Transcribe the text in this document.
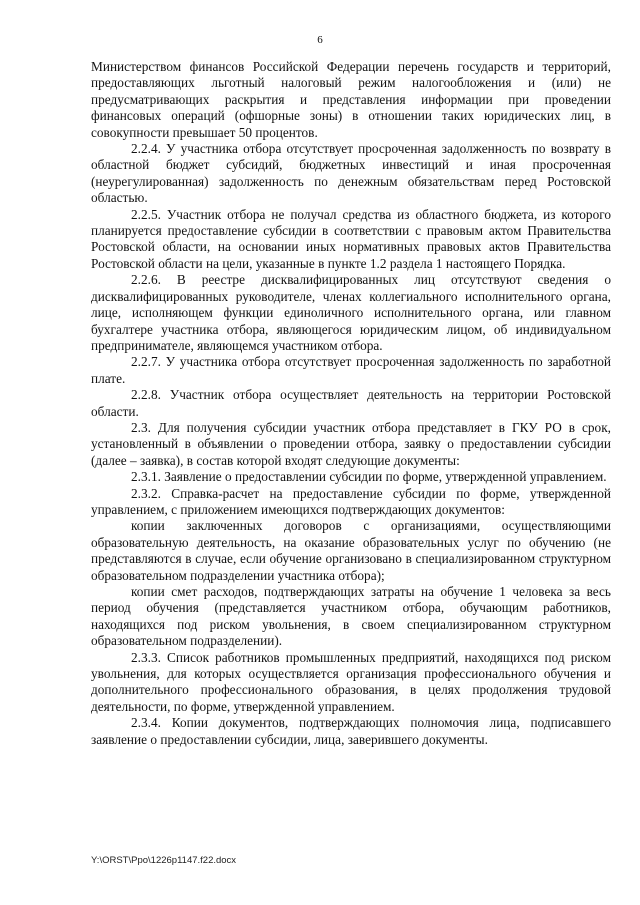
6

Министерством финансов Российской Федерации перечень государств и территорий, предоставляющих льготный налоговый режим налогообложения и (или) не предусматривающих раскрытия и представления информации при проведении финансовых операций (офшорные зоны) в отношении таких юридических лиц, в совокупности превышает 50 процентов.

2.2.4. У участника отбора отсутствует просроченная задолженность по возврату в областной бюджет субсидий, бюджетных инвестиций и иная просроченная (неурегулированная) задолженность по денежным обязательствам перед Ростовской областью.

2.2.5. Участник отбора не получал средства из областного бюджета, из которого планируется предоставление субсидии в соответствии с правовым актом Правительства Ростовской области, на основании иных нормативных правовых актов Правительства Ростовской области на цели, указанные в пункте 1.2 раздела 1 настоящего Порядка.

2.2.6. В реестре дисквалифицированных лиц отсутствуют сведения о дисквалифицированных руководителе, членах коллегиального исполнительного органа, лице, исполняющем функции единоличного исполнительного органа, или главном бухгалтере участника отбора, являющегося юридическим лицом, об индивидуальном предпринимателе, являющемся участником отбора.

2.2.7. У участника отбора отсутствует просроченная задолженность по заработной плате.

2.2.8. Участник отбора осуществляет деятельность на территории Ростовской области.

2.3. Для получения субсидии участник отбора представляет в ГКУ РО в срок, установленный в объявлении о проведении отбора, заявку о предоставлении субсидии (далее – заявка), в состав которой входят следующие документы:

2.3.1. Заявление о предоставлении субсидии по форме, утвержденной управлением.

2.3.2. Справка-расчет на предоставление субсидии по форме, утвержденной управлением, с приложением имеющихся подтверждающих документов:

копии заключенных договоров с организациями, осуществляющими образовательную деятельность, на оказание образовательных услуг по обучению (не представляются в случае, если обучение организовано в специализированном структурном образовательном подразделении участника отбора);

копии смет расходов, подтверждающих затраты на обучение 1 человека за весь период обучения (представляется участником отбора, обучающим работников, находящихся под риском увольнения, в своем специализированном структурном образовательном подразделении).

2.3.3. Список работников промышленных предприятий, находящихся под риском увольнения, для которых осуществляется организация профессионального обучения и дополнительного профессионального образования, в целях продолжения трудовой деятельности, по форме, утвержденной управлением.

2.3.4. Копии документов, подтверждающих полномочия лица, подписавшего заявление о предоставлении субсидии, лица, заверившего документы.

Y:\ORST\Ppo\1226p1147.f22.docx
